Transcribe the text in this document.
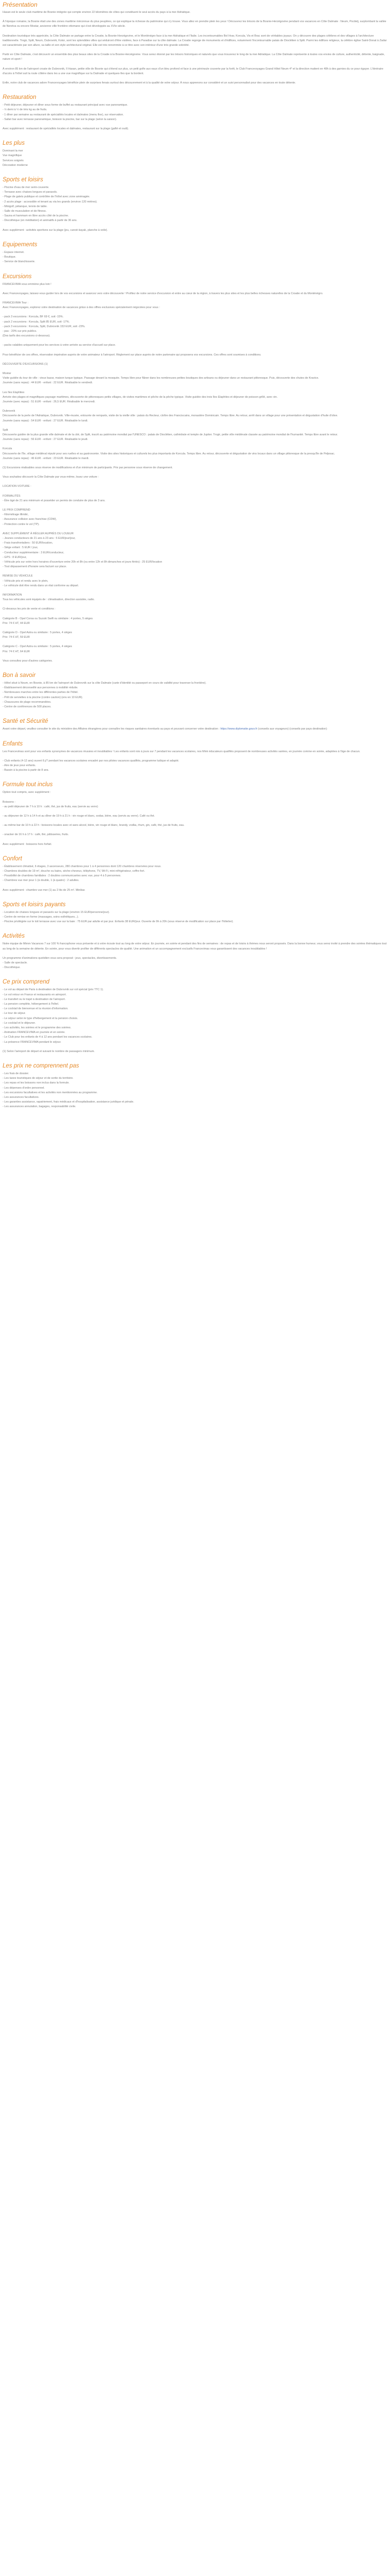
Présentation

Hasan est le seule club maritime de Bosnie intégrée qui compte environ 22 kilomètres de côtes qui constituent le seul accès du pays à la mer Adriatique.

À l'époque romaine, la Bosnie était une des zones maritime méconnue du plus peuplées, ce qui explique la richesse du patrimoine qui s'y trouve. Vous allez en prendre plein les yeux ! Découvrez les trésors de la Bosnie-Herzégovine pendant vos vacances en Côte Dalmate : Neum, Pocitelj, surplombant la vallée de Neretva ou encore Mostar, ancienne ville frontière ottomane qui s'est développée au XVIe siècle.

Destination touristique très appréciée, la Côte Dalmate se partage entre la Croatie, la Bosnie-Herzégovine, et le Monténégro face à la mer Adriatique et l'Italie. Les incontournables Bol Hvar, Korcula, Vis et Brac sont de véritables joyaux. On y découvre des plages célèbres et des villages à l'architecture traditionnelle. Trogir, Split, Neum, Dubrovnik, Kotor, sont les splendides villes qui séduiront d'être visitées, face à Paradise sur la côte dalmate. La Croatie regorge de monuments et d'édifices, notamment l'incontournable palais de Dioclétien à Split. Parmi les édifices religieux, la célèbre église Saint-Donat à Zadar est caractérisée par son allure, sa taille et son style architectural original. Elle est très renommée à ce titre avec son intérieur d'une très grande sobriété.

Partir en Côte Dalmate, c'est découvrir un ensemble des plus beaux sites de la Croatie à la Bosnie-Herzégovine. Vous serez étonné par les trésors historiques et naturels que vous trouverez le long de la mer Adriatique. La Côte Dalmate représente à toutes vos envies de culture, authenticité, détente, baignade, nature et sport !

À environ 85 km de l'aéroport croate de Dubrovnik, Il Hasan, petite ville de Bosnie qui s'étend sur plus, un petit golfe aux eaux d'un bleu profond et face à une péninsule couverte par la forêt, le Club Francevoyages Grand Hôtel Neum 4* et la direction maitent en 48h à des garnies du ce pour égayer. L'itinéraire d'accès à l'hôtel suit la route côtière dans les a une vue magnifique sur la Dalmatie et quelques-îles que la bordent.

Enfin, notre club de vacances adore Francevoyages bénéficie plein de surprises fenais surtout des découvrement et à la qualité de votre séjour. À nous apprenons sur considéré et un suivi personnalisé pour des vacances en toute détente.

Restauration
- Petit déjeuner, déjeuner et dîner sous forme de buffet au restaurant principal avec vue panoramique.
- ½ demi à ½ de très kg au de fruits.
- 1 dîner par semaine au restaurant de spécialités locales et dalmates (menu fixe), sur réservation.
- Safari bar avec terrasse panoramique, boisson la piscine, bar sur la plage (selon la saison).

Avec supplément : restaurant de spécialités locales et dalmates, restaurant sur la plage (gafté et oudi).

Les plus
Dominant la mer
Vue magnifique
Services soignés
Décoration moderne
Sports et loisirs
- Piscine d'eau de mer semi-couverte.
- Terrasse avec chaises longues et parasols.
- Plage de galets publique et contrôlée de l'hôtel avec zone aménagée.
- 2 accès plage : accessible et tenant au via les grands (environ 120 mètres).
- Minigolf, pétanque, tennis de table.
- Salle de musculation et de fitness.
- Sauna et hammam en libre accès côté de la piscine.
- Discothèque (en méditation) et animatifs à partir de 36 ans.

Avec supplément : activités sportives sur la plage (jeu, canoë-kayak, planche à voile).

Equipements
- Espace internet.
- Boutique.
- Service de blanchisserie.
Excursions

FRANCEVIMA vous emmène plus loin !

Avec Francevoyages, laissez-vous guider lors de vos excursions et avancez vers votre découverte ! Profitez de notre service d'excursion et entre au cœur de la région, à travers les plus sites et les plus belles richesses naturelles de la Croatie et du Monténégro.

FRANCEVIMA Tour :

Avec Francevoyages, explorez votre destination de vacances grâce à des offres exclusives spécialement négociées pour vous :

- pack 3 excursions : Korcula, BF 69 €, soit -15%.
- pack 2 excursions : Korcula, Split 85 EUR, soit -17%.
- pack 3 excursions : Korcula, Split, Dubrovnik 153 EUR, soit -23%.
- pas - 20% sur prix publics.
(Des tarifs des excursions ci-dessous).

- packs valables uniquement pour les services à votre arrivée au service d'accueil sur place.

Pour bénéficier de ces offres, réservation impérative auprès de votre animateur à l'aéroport. Règlement sur place auprès de notre partenaire qui proposera vos excursions. Ces offres sont soumises à conditions.

DÉCOUVERTE D'EXCURSIONS (1)

Mostar
Visite guidée du tour de ville : vieux bazar, maison turque typique. Passage devant la mosquée. Temps libre pour flâner dans les nombreuses petites boutiques des artisans ou déjeuner dans un restaurant pittoresque. Puis, découverte des chutes de Kravice.

Journée (sans repas) : 44 EUR - enfant : 22 EUR. Réalisable le vendredi.

Les îles Elaphites
Arrivée des plages et magnifiques paysage maritimes, découverte de pittoresques petits villages, de visites maritimes et pêche de la pêche typique. Visite guidée des trois îles Elaphites et déjeuner de poisson grillé, avec vin.

Journée (avec repas) : 51 EUR - enfant : 26,5 EUR. Réalisable le mercredi.

Dubrovnik
Découverte de la perle de l'Adriatique, Dubrovnik. Ville-musée, entourée de remparts, visite de la vieille ville : palais du Recteur, cloître des Franciscains, monastère Dominicain. Temps libre. Au retour, arrêt dans un village pour une présentation et dégustation d'huile d'olive.

Journée (sans repas) : 54 EUR - enfant : 27 EUR. Réalisable le lundi.

Split
Découverte guidée de la plus grande ville dalmate et de la cité, de Split, inscrit au patrimoine mondial par l'UNESCO : palais de Dioclétien, cathédrale et temple de Jupiter. Trogir, petite ville médiévale classée au patrimoine mondial de l'humanité. Temps libre avant le retour.

Journée (sans repas) : 56 EUR - enfant : 27 EUR. Réalisable le jeudi.

Korcula
Découverte de l'île, village médiéval réputé pour ses ruelles et sa gastronomie. Visite des sites historiques et culturels les plus importants de Korcula. Temps libre. Au retour, découverte et dégustation de vins locaux dans un village pittoresque de la presqu'île de Peljesac.

Journée (sans repas) : 46 EUR - enfant : 23 EUR. Réalisable le mardi.

(1) Excursions réalisables sous réserve de modifications et d'un minimum de participants. Prix par personne sous réserve de changement.

Vous souhaitez découvrir la Côte Dalmate par vous-même, louez une voiture :

LOCATION VOITURE :

FORMALITÉS

- Être âgé de 21 ans minimum et posséder un permis de conduire de plus de 3 ans.

LE PRIX COMPREND
- Kilométrage illimité,
- Assurance collision avec franchise (CDW),
- Protection contre le vol (TP).
AVEC SUPPLÉMENT À RÉGLER AUPRÈS DU LOUEUR
- Jeunes conducteurs de 21 ans à 23 ans : 5 EUR/jour/jour,
- Frais transfrontaliers : 50 EUR/location,
- Siège enfant : 5 EUR / jour,
- Conducteur supplémentaire : 3 EUR/conducteur,
- GPS : 8 EUR/jour,
- Véhicule pris sur votre hors horaires d'ouverture entre 20h et 8h (ou entre 12h et 8h dimanches et jours fériés) : 25 EUR/location
- Tout dépassement d'horaire sera facturé sur place.
REMISE DU VÉHICULE
- Véhicule pris et rendu avec le plein,
- Le véhicule doit être rendu dans un état conforme au départ.
INFORMATION

Tous les véhicules sont équipés de : climatisation, direction assistée, radio.

Ci-dessous les prix de vente et conditions :

Catégorie B - Opel Corsa ou Suzuki Swift ou similaire : 4 portes, 5 sièges

Prix: 74 € HT, 44 EUR

Catégorie D - Opel Astra ou similaire : 5 portes, 4 sièges

Prix: 74 € HT, 59 EUR

Catégorie C - Opel Astra ou similaire : 5 portes, 4 sièges

Prix: 74 € HT, 64 EUR

Vous consultez pour d'autres catégories.

Bon à savoir
- Hôtel situé à Neum, en Bosnie, à 85 km de l'aéroport de Dubrovnik sur la côte Dalmate (carte d'identité ou passeport en cours de validité pour traverser la frontière).
- Établissement déconseillé aux personnes à mobilité réduite.
- Nombreuses marches entre les différentes parties de l'hôtel.
- Prêt de serviettes à la piscine (contre caution) (env en 10 EUR).
- Chaussures de plage recommandées.
- Centre de conférences de 500 places.
Santé et Sécurité

Avant votre départ, veuillez consulter le site du ministère des Affaires étrangères pour connaître les risques sanitaires éventuels au pays et pouvant concerner votre destination : https://www.diplomatie.gouv.fr (conseils aux voyageurs) (conseils par pays destination)

Enfants

Les Francevimas sont pour vos enfants synonymes de vacances réussies et inoubliables ! Les enfants sont rois à jours sur 7 pendant les vacances scolaires, nos Mimi éducateurs qualifiés proposent de nombreuses activités variées, en journée comme en soirée, adaptées à l'âge de chacun.

- Club enfants (4-12 ans) ouvert 6 j/7 pendant les vacances scolaires encadré par nos pilotes vacances qualifiés, programme ludique et adapté.
- Aire de jeux pour enfants.
- Bassin à la piscine à partir de 8 ans.
Formule tout inclus

Option tout compris, avec supplément :

Boissons :

- au petit déjeuner de 7 h à 10 h : café, thé, jus de fruits, eau (servie au verre)

- au déjeuner de 12 h à 14 h et au dîner de 19 h à 21 h : vin rouge et blanc, sodas, bière, eau (servis au verre). Café ou thé.

- au même bar de 10 h à 22 h : boissons locales avec et sans alcool, bière, vin rouge et blanc, brandy, vodka, rhum, gin, café, thé, jus de fruits, eau.

- snacker de 16 h à 17 h : café, thé, pâtisseries, fruits.

Avec supplément : boissons hors forfait.

Confort
- Établissement climatisé, 6 étages, 3 ascenseurs, 280 chambres pour 1 à 4 personnes dont 120 chambres réservées pour nous.
- Chambres doubles de 19 m², douche ou bains, sèche-cheveux, téléphone, TV, Wi-Fi, mini-réfrigérateur, coffre-fort.
- Possibilité de chambres familiales : 2 doubles communicantes avec vue, pour 4 à 5 personnes.
- Chambres vue mer pour 1 (à double, 1 (à quatre) : 2 adultes.

Avec supplément : chambre vue mer (1) au 2 lits de 25 m². Minibar.

Sports et loisirs payants
- Location de chaises longues et parasols sur la plage (environ 15 EUR/personne/jour).
- Centre de remise en forme (massages, soins esthétiques...).
- Piscine privilégiée sur le toit terrasse avec vue sur la baie : 75 EUR par adulte et par jour. Enfants 38 EUR/jour. Ouverte de 9h à 20h (sous réserve de modification sur place par l'hôtelier).
Activités

Notre équipe de Mimm Vacances 7 sur 100 % francophone vous présente et à votre écoute tout au long de votre séjour. En journée, en soirée et pendant des fins de semaines : de repas et de loisirs à thèmes nous seront proposés. Dans la bonne humeur, vous serez invité à prendre des soirées thématiques tout au long de la semaine de détente. En soirée, pour vous divertir profiter de différents spectacles de qualité. Une animation et un accompagnement exclusifs Francevimas vous garantissent des vacances inoubliables !

Un programme d'animations quotidien vous sera proposé : jeux, spectacles, divertissements.
- Salle de spectacle.
- Discothèque.
Ce prix comprend
- Le vol au départ de Paris à destination de Dubrovnik sur vol spécial (prix TTC 1).
- Le vol retour en France et restaurants en aéroport.
- Le transfert ou le trajet à destination de l'aéroport.
- La pension complète, hébergement à l'hôtel.
- Le cocktail de bienvenue et la réunion d'information.
- Le tour de séjour.
- Le séjour selon le type d'hébergement et la pension choisis.
- Le cocktail et le déjeuner.
- Les activités, les soirées et le programme des soirées.
- Animation FRANCEVIMA en journée et en soirée.
- Le Club pour les enfants de 4 à 12 ans pendant les vacances scolaires.
- La présence FRANCEVIMA pendant le séjour.

(1) Selon l'aéroport de départ et suivant le nombre de passagers minimum.

Les prix ne comprennent pas
- Les frais de dossier.
- Les taxes touristiques de séjour et de sortie du territoire.
- Les repas et les boissons non inclus dans la formule.
- Les dépenses d'ordre personnel.
- Les excursions facultatives et les activités non mentionnées au programme.
- Les assurances facultatives.
- Les garanties assistance, rapatriement, frais médicaux et d'hospitalisation, assistance juridique et pénale.
- Les assurances annulation, bagages, responsabilité civile.
